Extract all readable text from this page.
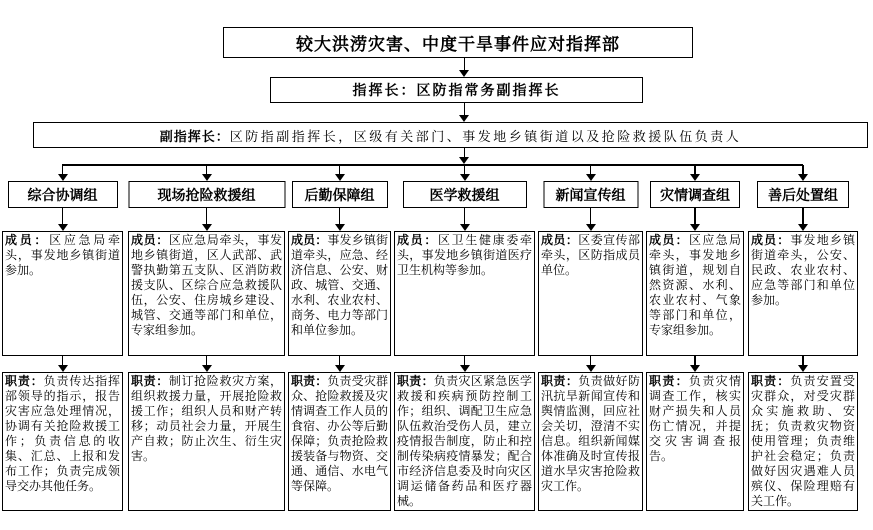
较大洪涝灾害、中度干旱事件应对指挥部
指挥长： 区防指常务副指挥长
副指挥长： 区防指副指挥长，区级有关部门、事发地乡镇街道以及抢险救援队伍负责人
综合协调组
成员：区应急局牵头，事发地乡镇街道参加。
职责：负责传达指挥部领导的指示，报告灾害应急处理情况，协调有关抢险救援工作；负责信息的收集、汇总、上报和发布工作；负责完成领导交办其他任务。
现场抢险救援组
成员：区应急局牵头，事发地乡镇街道，区人武部、武警执勤第五支队、区消防救援支队、区综合应急救援队伍，公安、住房城乡建设、城管、交通等部门和单位，专家组参加。
职责：制订抢险救灾方案，组织救援力量，开展抢险救援工作；组织人员和财产转移；动员社会力量，开展生产自救；防止次生、衍生灾害。
后勤保障组
成员：事发乡镇街道牵头，应急、经济信息、公安、财政、城管、交通、水利、农业农村、商务、电力等部门和单位参加。
职责：负责受灾群众、抢险救援及灾情调查工作人员的食宿、办公等后勤保障；负责抢险救援装备与物资、交通、通信、水电气等保障。
医学救援组
成员：区卫生健康委牵头，事发地乡镇街道医疗卫生机构等参加。
职责：负责灾区紧急医学救援和疾病预防控制工作；组织、调配卫生应急队伍救治受伤人员，建立疫情报告制度，防止和控制传染病疫情暴发；配合市经济信息委及时向灾区调运储备药品和医疗器械。
新闻宣传组
成员：区委宣传部牵头，区防指成员单位。
职责：负责做好防汛抗旱新闻宣传和舆情监测，回应社会关切，澄清不实信息。组织新闻媒体准确及时宣传报道水旱灾害抢险救灾工作。
灾情调查组
成员：区应急局牵头，事发地乡镇街道，规划自然资源、水利、农业农村、气象等部门和单位，专家组参加。
职责：负责灾情调查工作，核实财产损失和人员伤亡情况，并提交灾害调查报告。
善后处置组
成员：事发地乡镇街道牵头，公安、民政、农业农村、应急等部门和单位参加。
职责：负责安置受灾群众，对受灾群众实施救助、安抚；负责救灾物资使用管理；负责维护社会稳定；负责做好因灾遇难人员殡仪、保险理赔有关工作。
